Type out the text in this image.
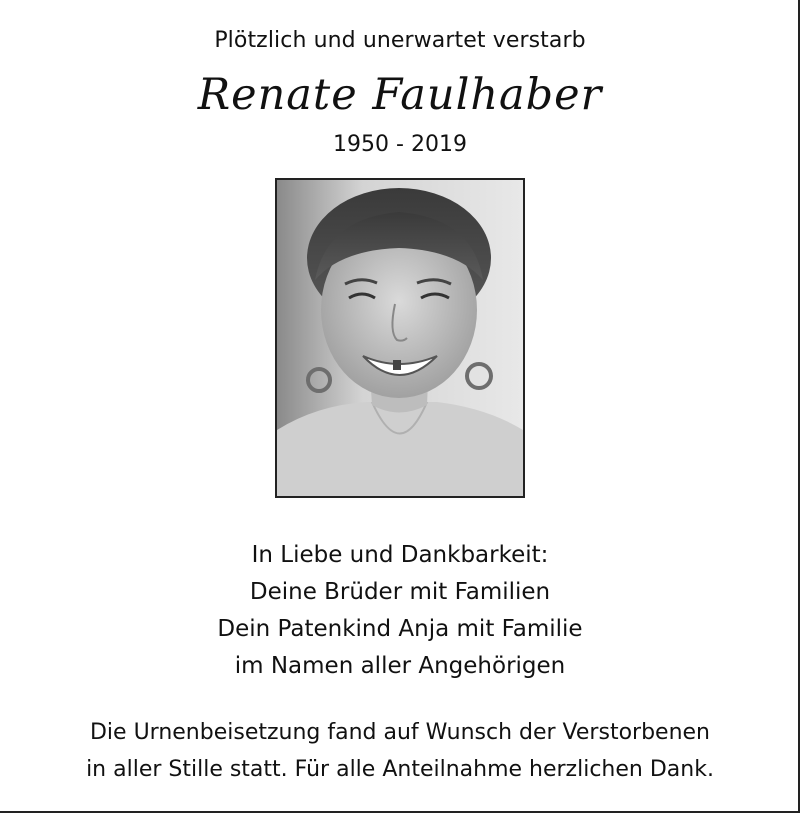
Plötzlich und unerwartet verstarb
Renate Faulhaber
1950 - 2019
In Liebe und Dankbarkeit:
Deine Brüder mit Familien
Dein Patenkind Anja mit Familie
im Namen aller Angehörigen
Die Urnenbeisetzung fand auf Wunsch der Verstorbenen
in aller Stille statt. Für alle Anteilnahme herzlichen Dank.
